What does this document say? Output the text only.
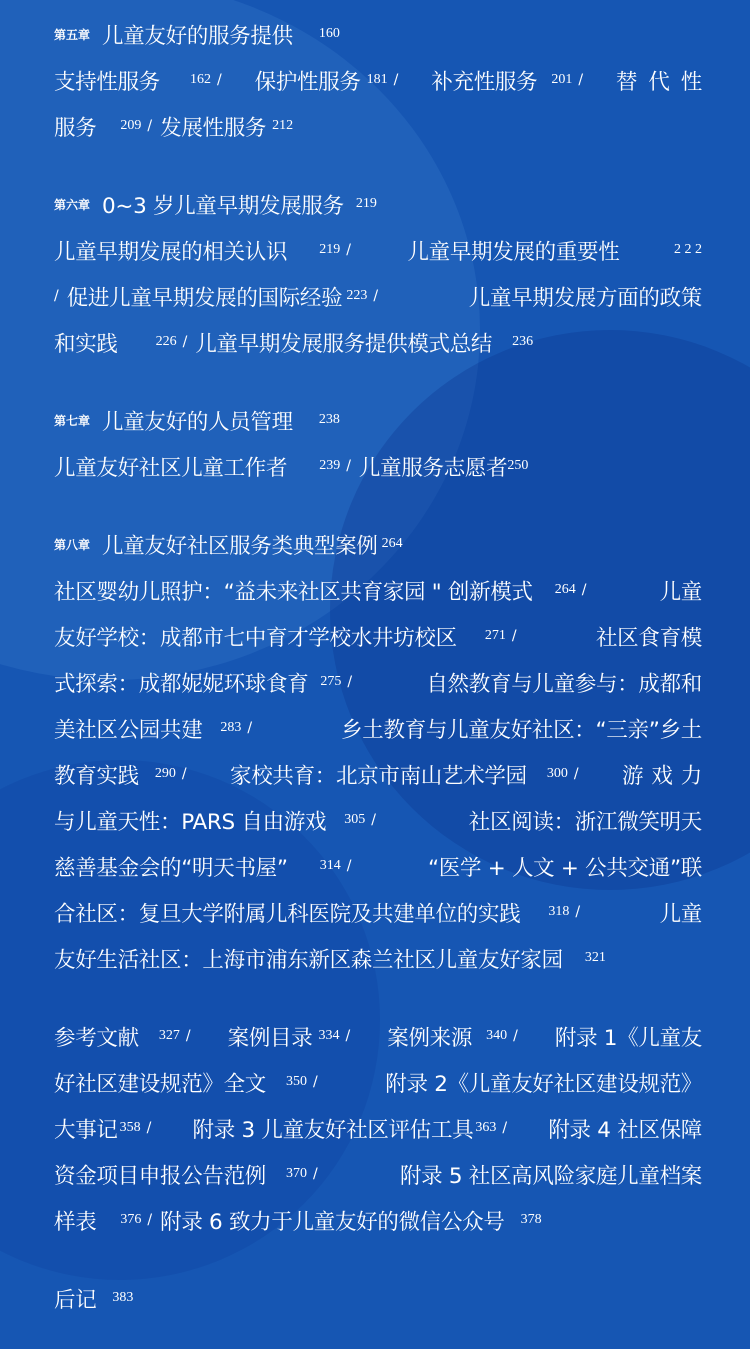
第五章 儿童友好的服务提供 160
支持性服务 162 / 保护性服务 181 / 补充性服务 201 / 替 代 性
服务 209 / 发展性服务 212
第六章 0~3 岁儿童早期发展服务 219
儿童早期发展的相关认识 219 /	儿童早期发展的重要性	2 2 2
/ 促进儿童早期发展的国际经验 223 /	儿童早期发展方面的政策
和实践	226 / 儿童早期发展服务提供模式总结 236
第七章 儿童友好的人员管理 238
儿童友好社区儿童工作者 239 / 儿童服务志愿者 250
第八章 儿童友好社区服务类典型案例 264
社区婴幼儿照护：“益未来社区共育家园 " 创新模式 264 /	儿童
友好学校：成都市七中育才学校水井坊校区 271 /	社区食育模
式探索：成都妮妮环球食育 275 /	自然教育与儿童参与：成都和
美社区公园共建 283 /	乡土教育与儿童友好社区：“三亲”乡土
教育实践 290 / 家校共育：北京市南山艺术学园 300 / 游 戏 力
与儿童天性：PARS 自由游戏 305 /	社区阅读：浙江微笑明天
慈善基金会的“明天书屋” 314 /	“医学 + 人文 + 公共交通”联
合社区：复旦大学附属儿科医院及共建单位的实践 318 /	儿童
友好生活社区：上海市浦东新区森兰社区儿童友好家园 321
参考文献 327 / 案例目录 334 / 案例来源 340 / 附录 1《儿童友
好社区建设规范》全文 350 /	附录 2《儿童友好社区建设规范》
大事记 358 / 附录 3 儿童友好社区评估工具 363 / 附录 4 社区保障
资金项目申报公告范例 370 /	附录 5 社区高风险家庭儿童档案
样表 376 / 附录 6 致力于儿童友好的微信公众号 378
后记 383
